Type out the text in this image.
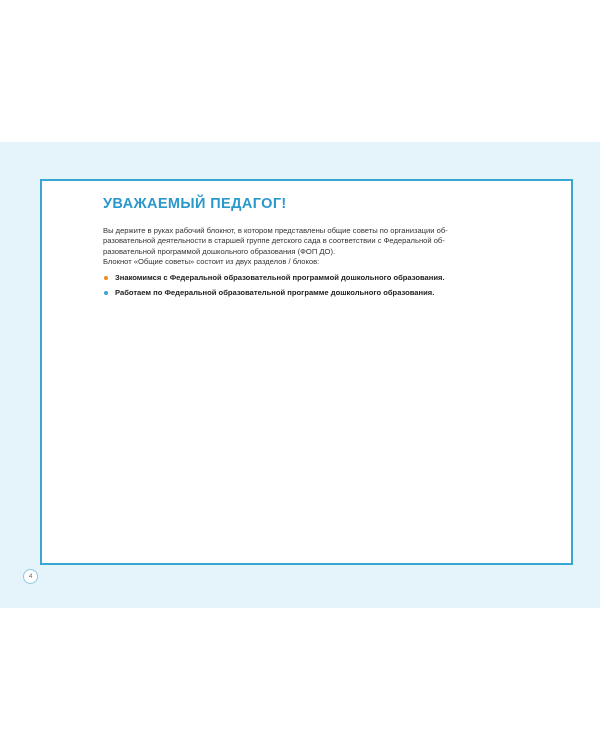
УВАЖАЕМЫЙ ПЕДАГОГ!

Вы держите в руках рабочий блокнот, в котором представлены общие советы по организации об-
разовательной деятельности в старшей группе детского сада в соответствии с Федеральной об-
разовательной программой дошкольного образования (ФОП ДО).
Блокнот «Общие советы» состоит из двух разделов / блоков:

Знакомимся с Федеральной образовательной программой дошкольного образования.
Работаем по Федеральной образовательной программе дошкольного образования.
4
